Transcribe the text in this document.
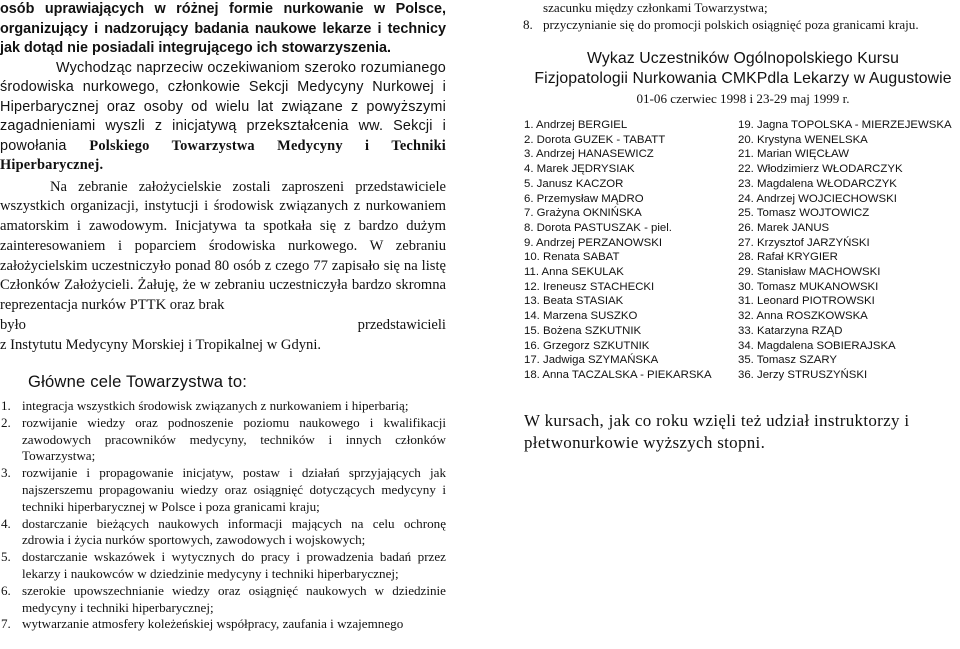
osób uprawiających w różnej formie nurkowanie w Polsce, organizujący i nadzorujący badania naukowe lekarze i technicy jak dotąd nie posiadali integrującego ich stowarzyszenia.
Wychodząc naprzeciw oczekiwaniom szeroko rozumianego środowiska nurkowego, członkowie Sekcji Medycyny Nurkowej i Hiperbarycznej oraz osoby od wielu lat związane z powyższymi zagadnieniami wyszli z inicjatywą przekształcenia ww. Sekcji i powołania Polskiego Towarzystwa Medycyny i Techniki Hiperbarycznej.
Na zebranie założycielskie zostali zaproszeni przedstawiciele wszystkich organizacji, instytucji i środowisk związanych z nurkowaniem amatorskim i zawodowym. Inicjatywa ta spotkała się z bardzo dużym zainteresowaniem i poparciem środowiska nurkowego. W zebraniu założycielskim uczestniczyło ponad 80 osób z czego 77 zapisało się na listę Członków Założycieli. Żałuję, że w zebraniu uczestniczyła bardzo skromna reprezentacja nurków PTTK oraz brak
było	przedstawicieli
z Instytutu Medycyny Morskiej i Tropikalnej w Gdyni.
Główne cele Towarzystwa to:
1. integracja wszystkich środowisk związanych z nurkowaniem i hiperbarią;
2. rozwijanie wiedzy oraz podnoszenie poziomu naukowego i kwalifikacji zawodowych pracowników medycyny, techników i innych członków Towarzystwa;
3. rozwijanie i propagowanie inicjatyw, postaw i działań sprzyjających jak najszerszemu propagowaniu wiedzy oraz osiągnięć dotyczących medycyny i techniki hiperbarycznej w Polsce i poza granicami kraju;
4. dostarczanie bieżących naukowych informacji mających na celu ochronę zdrowia i życia nurków sportowych, zawodowych i wojskowych;
5. dostarczanie wskazówek i wytycznych do pracy i prowadzenia badań przez lekarzy i naukowców w dziedzinie medycyny i techniki hiperbarycznej;
6. szerokie upowszechnianie wiedzy oraz osiągnięć naukowych w dziedzinie medycyny i techniki hiperbarycznej;
7. wytwarzanie atmosfery koleżeńskiej współpracy, zaufania i wzajemnego
szacunku między członkami Towarzystwa;
8. przyczynianie się do promocji polskich osiągnięć poza granicami kraju.
Wykaz Uczestników Ogólnopolskiego Kursu
Fizjopatologii Nurkowania CMKPdla Lekarzy w Augustowie
01-06 czerwiec 1998 i 23-29 maj 1999 r.
1. Andrzej BERGIEL
2. Dorota GUZEK - TABATT
3. Andrzej HANASEWICZ
4. Marek JĘDRYSIAK
5. Janusz KACZOR
6. Przemysław MĄDRO
7. Grażyna OKNIŃSKA
8. Dorota PASTUSZAK - piel.
9. Andrzej PERZANOWSKI
10. Renata SABAT
11. Anna SEKULAK
12. Ireneusz STACHECKI
13. Beata STASIAK
14. Marzena SUSZKO
15. Bożena SZKUTNIK
16. Grzegorz SZKUTNIK
17. Jadwiga SZYMAŃSKA
18. Anna TACZALSKA - PIEKARSKA
19. Jagna TOPOLSKA - MIERZEJEWSKA
20. Krystyna WENELSKA
21. Marian WIĘCŁAW
22. Włodzimierz WŁODARCZYK
23. Magdalena WŁODARCZYK
24. Andrzej WOJCIECHOWSKI
25. Tomasz WOJTOWICZ
26. Marek JANUS
27. Krzysztof JARZYŃSKI
28. Rafał KRYGIER
29. Stanisław MACHOWSKI
30. Tomasz MUKANOWSKI
31. Leonard PIOTROWSKI
32. Anna ROSZKOWSKA
33. Katarzyna RZĄD
34. Magdalena SOBIERAJSKA
35. Tomasz SZARY
36. Jerzy STRUSZYŃSKI
W kursach, jak co roku wzięli też udział instruktorzy i płetwonurkowie wyższych stopni.
